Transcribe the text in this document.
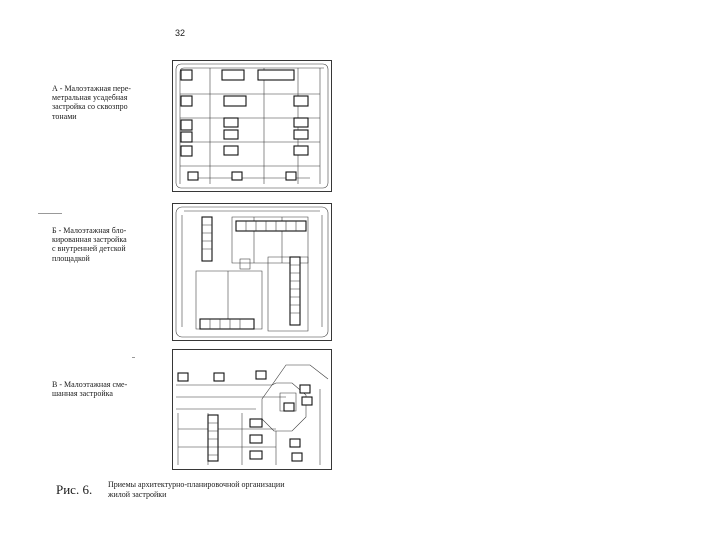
32
А - Малоэтажная пере-
метральная усадебная
застройка со сквозпро
тонами
Б - Малоэтажная бло-
кированная застройка
с внутренней детской
площадкой
В - Малоэтажная сме-
шанная застройка
Рис. 6. Приемы архитектурно-планировочной организации
жилой застройки
